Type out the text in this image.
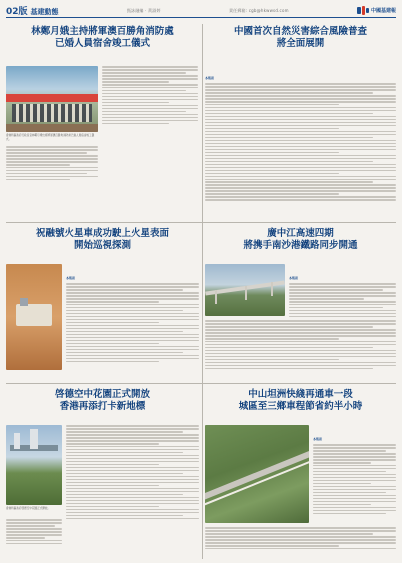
02版 基建動態	甄詠融編 · 黃淑婷	責任郵箱: cgb@hkwwsd.com	中國基建報
林鄭月娥主持將軍澳百勝角消防處
已婚人員宿舍竣工儀式
香港特區政府行政長官林鄭月娥出席將軍澳百勝角消防處已婚人員宿舍竣工儀式。
中國首次自然災害綜合風險普查
將全面展開
本報訊
祝融號火星車成功駛上火星表面
開始巡視探測
本報訊
廣中江高速四期
將携手南沙港鐵路同步開通
本報訊
啓德空中花園正式開放
香港再添打卡新地標
香港特區政府啓德空中花園正式開放。
中山坦洲快綫再通車一段
城區至三鄉車程節省約半小時
本報訊
